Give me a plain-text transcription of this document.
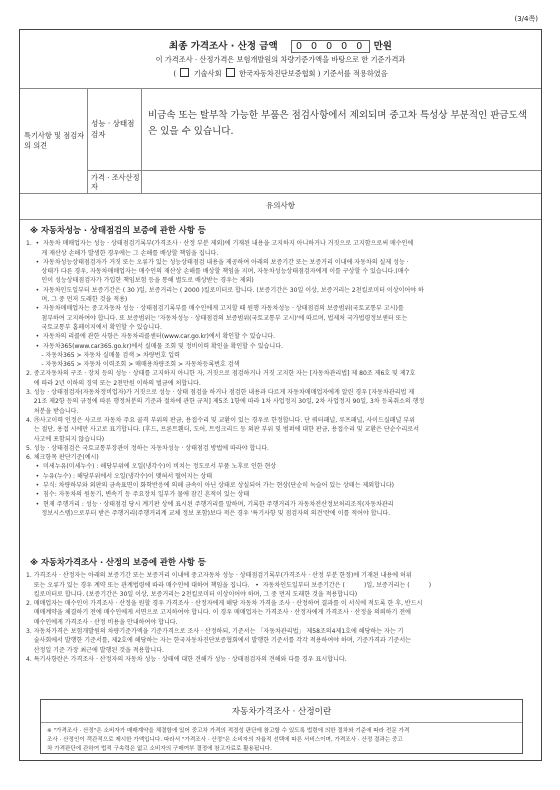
(3/4쪽)
최종 가격조사 · 산정 금액 0 0 0 0 0 만원
이 가격조사 · 산정가격은 보험개발원의 차량기준가액을 바탕으로 한 기준가격과
( 기술사회 한국자동차진단보증협회 ) 기준서를 적용하였음
특기사항 및 점검자의 의견
성능 · 상태점검자
비금속 또는 탈부착 가능한 부품은 점검사항에서 제외되며 중고차 특성상 부분적인 판금도색은 있을 수 있습니다.
가격 · 조사산정자
유의사항
※ 자동차성능 · 상태점검의 보증에 관한 사항 등
1.  •  자동차 매매업자는 성능 · 상태점검기록부(가격조사 · 산정 부분 제외)에 기재된 내용을 고지하지 아니하거나 거짓으로 고지함으로써 매수인에
게 재산상 손해가 발생한 경우에는 그 손해를 배상할 책임을 집니다.
•  자동차성능상태점검자가 거짓 또는 오류가 있는 성능상태점검 내용을 제공하여 아래의 보증기간 또는 보증거리 이내에 자동차의 실제 성능 ·
상태가 다른 경우, 자동차매매업자는 매수인의 재산상 손해를 배상할 책임을 지며, 자동차성능상태점검자에게 이를 구상할 수 있습니다.(매수
인이 성능상태점검자가 가입한 책임보험 등을 통해 별도로 배상받는 경우는 제외)
•  자동차인도일부터 보증기간은 ( 30 )일, 보증거리는 ( 2000 )킬로미터로 합니다. (보증기간은 30일 이상, 보증거리는 2천킬로미터 이상이어야 하
며, 그 중 먼저 도래한 것을 적용)
•  자동차매매업자는 중고자동차 성능 · 상태점검기록부를 매수인에게 고지할 때 원행 자동차성능 · 상태점검의 보증범위(국토교통부 고시)를
첨부하여 고지하여야 합니다. 또 보증범위는 '자동차성능 · 상태점검의 보증범위(국토교통부 고시)'에 따르며, 법제처 국가법령정보센터 또는
국토교통부 홈페이지에서 확인할 수 있습니다.
•  자동차의 리콜에 관한 사항은 자동차리콜센터(www.car.go.kr)에서 확인할 수 있습니다.
•  자동차365(www.car365.go.kr)에서 실매물 조회 및 정비이력 확인을 확인할 수 있습니다.
- 자동차365 > 자동차 실매물 검색 > 차량번호 입력
- 자동차365 > 자동차 이력조회 > 매매용차량조회 > 자동차등록번호 검색
2. 중고자동차의 구조 · 장치 등의 성능 · 상태를 고지하지 아니한 자, 거짓으로 점검하거나 거짓 고지한 자는 [자동차관리법] 제 80조 제6호 및 제7호
에 따라 2년 이하의 징역 또는 2천만원 이하의 벌금에 처합니다.
3. 성능 · 상태점검자(자동차정비업자)가 거짓으로 성능 · 상태 점검을 하거나 점검한 내용과 다르게 자동차매매업자에게 알린 경우 [자동차관리법 제
21조 제2항 등의 규정에 따른 행정처분의 기준과 절차에 관한 규칙] 제5조 1항에 따라 1차 사업정지 30일, 2차 사업정지 90일, 3차 등록취소의 행정
처분을 받습니다.
4. ㉮사고이력 인정은 사고로 자동차 주요 골격 부위의 판금, 용접수리 및 교환이 있는 경우로 한정합니다. 단 쿼터패널, 루프패널, 사이드실패널 부위
는 절단, 용접 시에만 사고로 표기합니다. (후드, 프론트휀더, 도어, 트렁크리드 등 외판 부위 및 범퍼에 대한 판금, 용접수리 및 교환은 단순수리로서
사고에 포함되지 않습니다)
5. 성능 · 상태점검은 국토교통부장관이 정하는 자동차성능 · 상태점검 방법에 따라야 합니다.
6. 체크항목 판단기준(예시)
•  미세누유(미세누수) : 해당부위에 오일(냉각수)이 비치는 정도로서 부품 노후로 인한 현상
•  누유(누수) : 해당부위에서 오일(냉각수)이 맺혀서 떨어지는 상태
•  부식: 차량하부와 외판의 금속표면이 화학반응에 의해 금속이 아닌 상태로 상실되어 가는 현상(단순히 녹슬어 있는 상태는 제외합니다)
•  침수: 자동차의 원동기, 변속기 등 주요장치 일부가 물에 잠긴 흔적이 있는 상태
•  현재 주행거리 : 성능 · 상태점검 당시 계기판 상에 표시된 주행거리를 말하며, 기록한 주행거리가 자동차전산정보처리조직(자동차관리
정보시스템)으로부터 받은 주행거리(주행거리계 교체 정보 포함)보다 적은 경우 '특기사항 및 점검자의 의견'란에 이를 적어야 합니다.
※ 자동차가격조사 · 산정의 보증에 관한 사항 등
1. 가격조사 · 산정자는 아래의 보증기간 또는 보증거리 이내에 중고자동차 성능 · 상태점검기록부(가격조사 · 산정 부분 한정)에 기재된 내용에 허위
또는 오류가 있는 경우 계약 또는 관계법령에 따라 매수인에 대하여 책임을 집니다.   •  자동차인도일부터 보증기간은 (          )일, 보증거리는 (          )
킬로미터로 합니다. (보증기간은 30일 이상, 보증거리는 2천킬로미터 이상이어야 하며, 그 중 먼저 도래한 것을 적용합니다)
2. 매매업자는 매수인이 가격조사 · 산정을 원할 경우 가격조사 · 산정자에게 해당 자동차 가격을 조사 · 산정하여 결과를 이 서식에 적도록 한 후, 반드시
매매계약을 체결하기 전에 매수인에게 서면으로 고지하여야 합니다. 이 경우 매매업자는 가격조사 · 산정자에게 가격조사 · 산정을 의뢰하기 전에
매수인에게 가격조사 · 산정 비용을 안내하여야 합니다.
3. 자동차가격은 보험개발원의 차량기준가액을 기준가격으로 조사 · 산정하되, 기준서는 「자동차관리법」 제58조의4제1호에 해당하는 자는 기
술사회에서 발행한 기준서를, 제2호에 해당하는 자는 한국자동차진단보증협회에서 발행한 기준서를 각각 적용하여야 하며, 기준가격과 기준서는
산정일 기준 가장 최근에 발행된 것을 적용합니다.
4. 특기사항란은 가격조사 · 산정자의 자동차 성능 · 상태에 대한 견해가 성능 · 상태점검자의 견해와 다를 경우 표시합니다.
자동차가격조사 · 산정이란
※ "가격조사 · 산정"은 소비자가 매매계약을 체결함에 있어 중고차 가격의 적정성 판단에 참고할 수 있도록 법령에 의한 절차와 기준에 따라 전문 가격
조사 · 산정인이 객관적으로 제시한 가액입니다. 따라서 "가격조사 · 산정"은 소비자의 자율적 선택에 따른 서비스이며, 가격조사 · 산정 결과는 중고
차 가격판단에 관하여 법적 구속력은 없고 소비자의 구매여부 결정에 참고자료로 활용됩니다.
